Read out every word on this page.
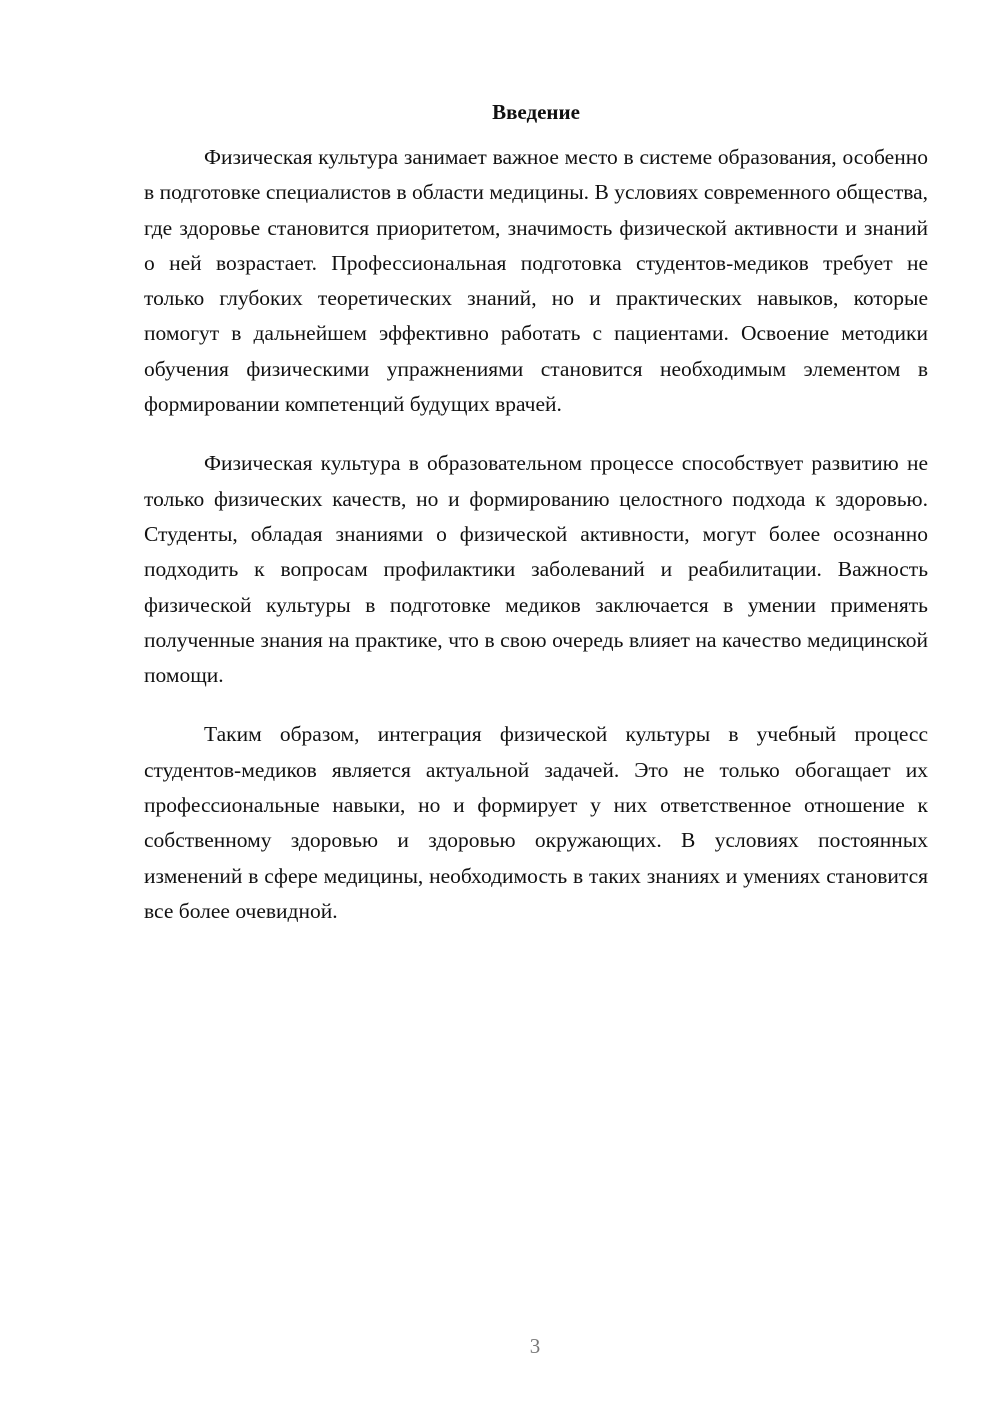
Введение

Физическая культура занимает важное место в системе образования, особенно в подготовке специалистов в области медицины. В условиях современного общества, где здоровье становится приоритетом, значимость физической активности и знаний о ней возрастает. Профессиональная подготовка студентов-медиков требует не только глубоких теоретических знаний, но и практических навыков, которые помогут в дальнейшем эффективно работать с пациентами. Освоение методики обучения физическими упражнениями становится необходимым элементом в формировании компетенций будущих врачей.

Физическая культура в образовательном процессе способствует развитию не только физических качеств, но и формированию целостного подхода к здоровью. Студенты, обладая знаниями о физической активности, могут более осознанно подходить к вопросам профилактики заболеваний и реабилитации. Важность физической культуры в подготовке медиков заключается в умении применять полученные знания на практике, что в свою очередь влияет на качество медицинской помощи.

Таким образом, интеграция физической культуры в учебный процесс студентов-медиков является актуальной задачей. Это не только обогащает их профессиональные навыки, но и формирует у них ответственное отношение к собственному здоровью и здоровью окружающих. В условиях постоянных изменений в сфере медицины, необходимость в таких знаниях и умениях становится все более очевидной.

3
